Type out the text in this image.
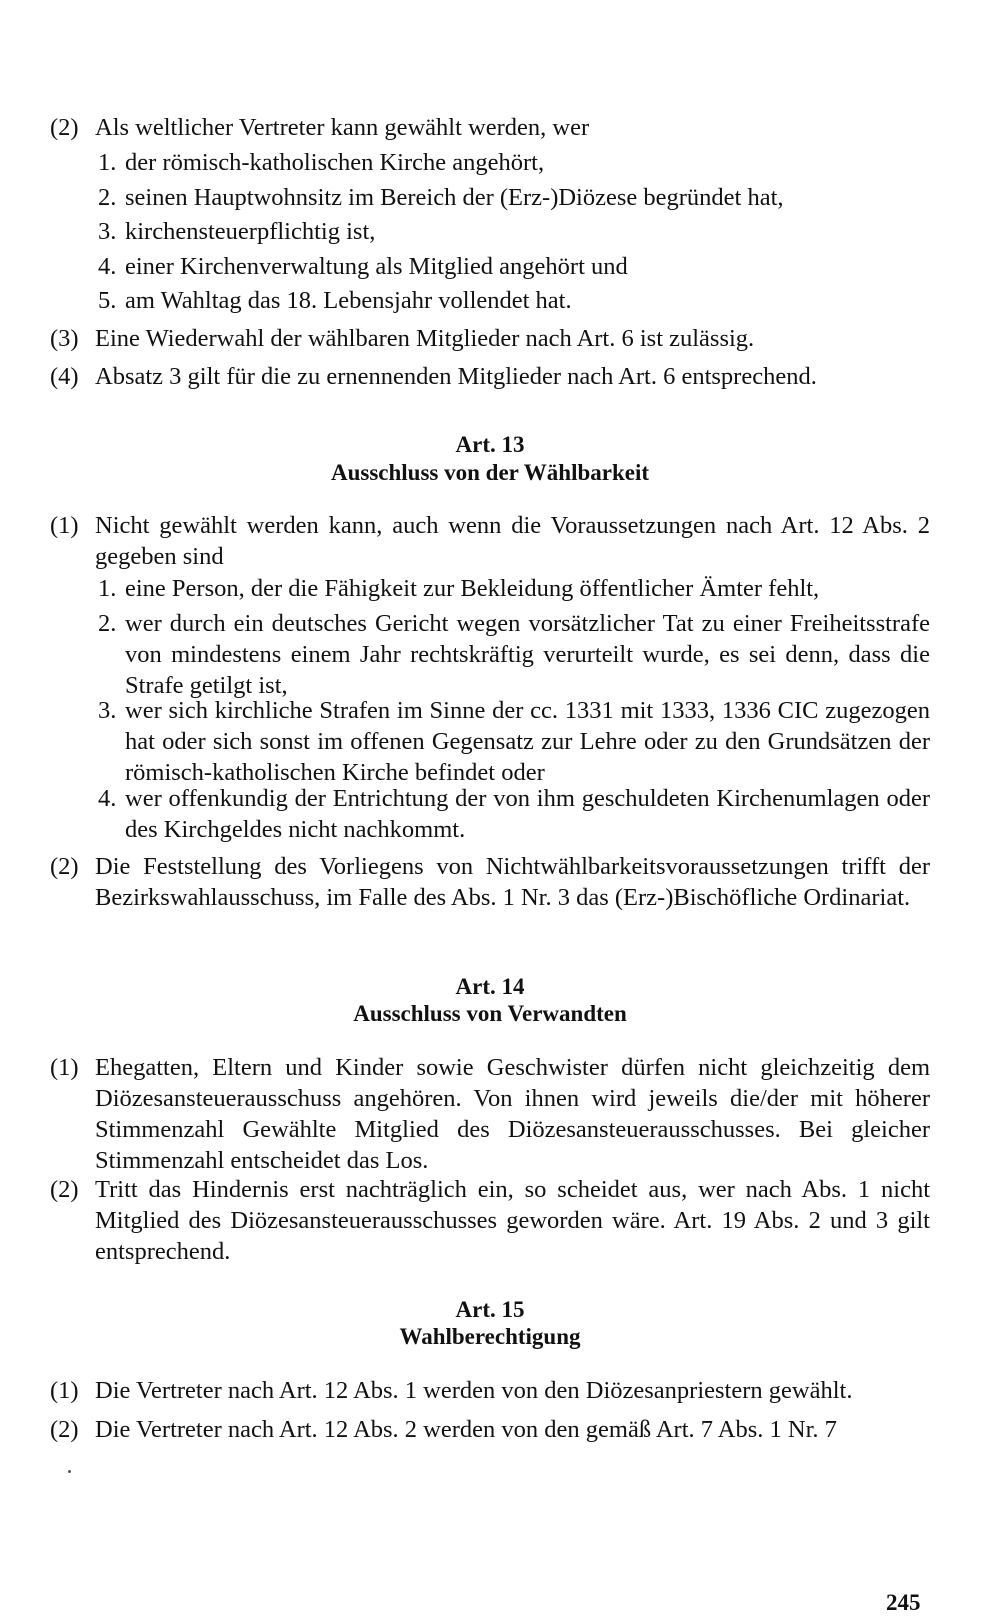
(2) Als weltlicher Vertreter kann gewählt werden, wer
1. der römisch-katholischen Kirche angehört,
2. seinen Hauptwohnsitz im Bereich der (Erz-)Diözese begründet hat,
3. kirchensteuerpflichtig ist,
4. einer Kirchenverwaltung als Mitglied angehört und
5. am Wahltag das 18. Lebensjahr vollendet hat.
(3) Eine Wiederwahl der wählbaren Mitglieder nach Art. 6 ist zulässig.
(4) Absatz 3 gilt für die zu ernennenden Mitglieder nach Art. 6 entsprechend.
Art. 13
Ausschluss von der Wählbarkeit
(1) Nicht gewählt werden kann, auch wenn die Voraussetzungen nach Art. 12 Abs. 2 gegeben sind
1. eine Person, der die Fähigkeit zur Bekleidung öffentlicher Ämter fehlt,
2. wer durch ein deutsches Gericht wegen vorsätzlicher Tat zu einer Freiheitsstrafe von mindestens einem Jahr rechtskräftig verurteilt wurde, es sei denn, dass die Strafe getilgt ist,
3. wer sich kirchliche Strafen im Sinne der cc. 1331 mit 1333, 1336 CIC zugezogen hat oder sich sonst im offenen Gegensatz zur Lehre oder zu den Grundsätzen der römisch-katholischen Kirche befindet oder
4. wer offenkundig der Entrichtung der von ihm geschuldeten Kirchenumlagen oder des Kirchgeldes nicht nachkommt.
(2) Die Feststellung des Vorliegens von Nichtwählbarkeitsvoraussetzungen trifft der Bezirkswahlausschuss, im Falle des Abs. 1 Nr. 3 das (Erz-)Bischöfliche Ordinariat.
Art. 14
Ausschluss von Verwandten
(1) Ehegatten, Eltern und Kinder sowie Geschwister dürfen nicht gleichzeitig dem Diözesansteuerausschuss angehören. Von ihnen wird jeweils die/der mit höherer Stimmenzahl Gewählte Mitglied des Diözesansteuerausschusses. Bei gleicher Stimmenzahl entscheidet das Los.
(2) Tritt das Hindernis erst nachträglich ein, so scheidet aus, wer nach Abs. 1 nicht Mitglied des Diözesansteuerausschusses geworden wäre. Art. 19 Abs. 2 und 3 gilt entsprechend.
Art. 15
Wahlberechtigung
(1) Die Vertreter nach Art. 12 Abs. 1 werden von den Diözesanpriestern gewählt.
(2) Die Vertreter nach Art. 12 Abs. 2 werden von den gemäß Art. 7 Abs. 1 Nr. 7
245
